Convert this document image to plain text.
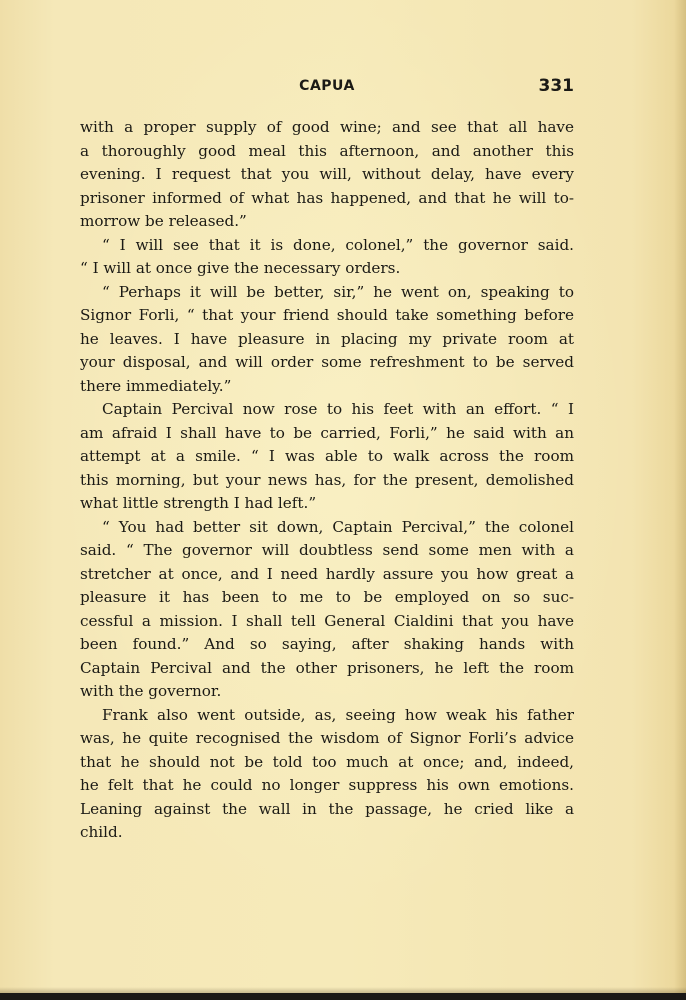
CAPUA	331
with a proper supply of good wine; and see that all have
a thoroughly good meal this afternoon, and another this
evening. I request that you will, without delay, have every
prisoner informed of what has happened, and that he will to-
morrow be released.”
“ I will see that it is done, colonel,” the governor said.
“ I will at once give the necessary orders.
“ Perhaps it will be better, sir,” he went on, speaking to
Signor Forli, “ that your friend should take something before
he leaves. I have pleasure in placing my private room at
your disposal, and will order some refreshment to be served
there immediately.”
Captain Percival now rose to his feet with an effort. “ I
am afraid I shall have to be carried, Forli,” he said with an
attempt at a smile. “ I was able to walk across the room
this morning, but your news has, for the present, demolished
what little strength I had left.”
“ You had better sit down, Captain Percival,” the colonel
said. “ The governor will doubtless send some men with a
stretcher at once, and I need hardly assure you how great a
pleasure it has been to me to be employed on so suc-
cessful a mission. I shall tell General Cialdini that you have
been found.” And so saying, after shaking hands with
Captain Percival and the other prisoners, he left the room
with the governor.
Frank also went outside, as, seeing how weak his father
was, he quite recognised the wisdom of Signor Forli’s advice
that he should not be told too much at once; and, indeed,
he felt that he could no longer suppress his own emotions.
Leaning against the wall in the passage, he cried like a
child.
